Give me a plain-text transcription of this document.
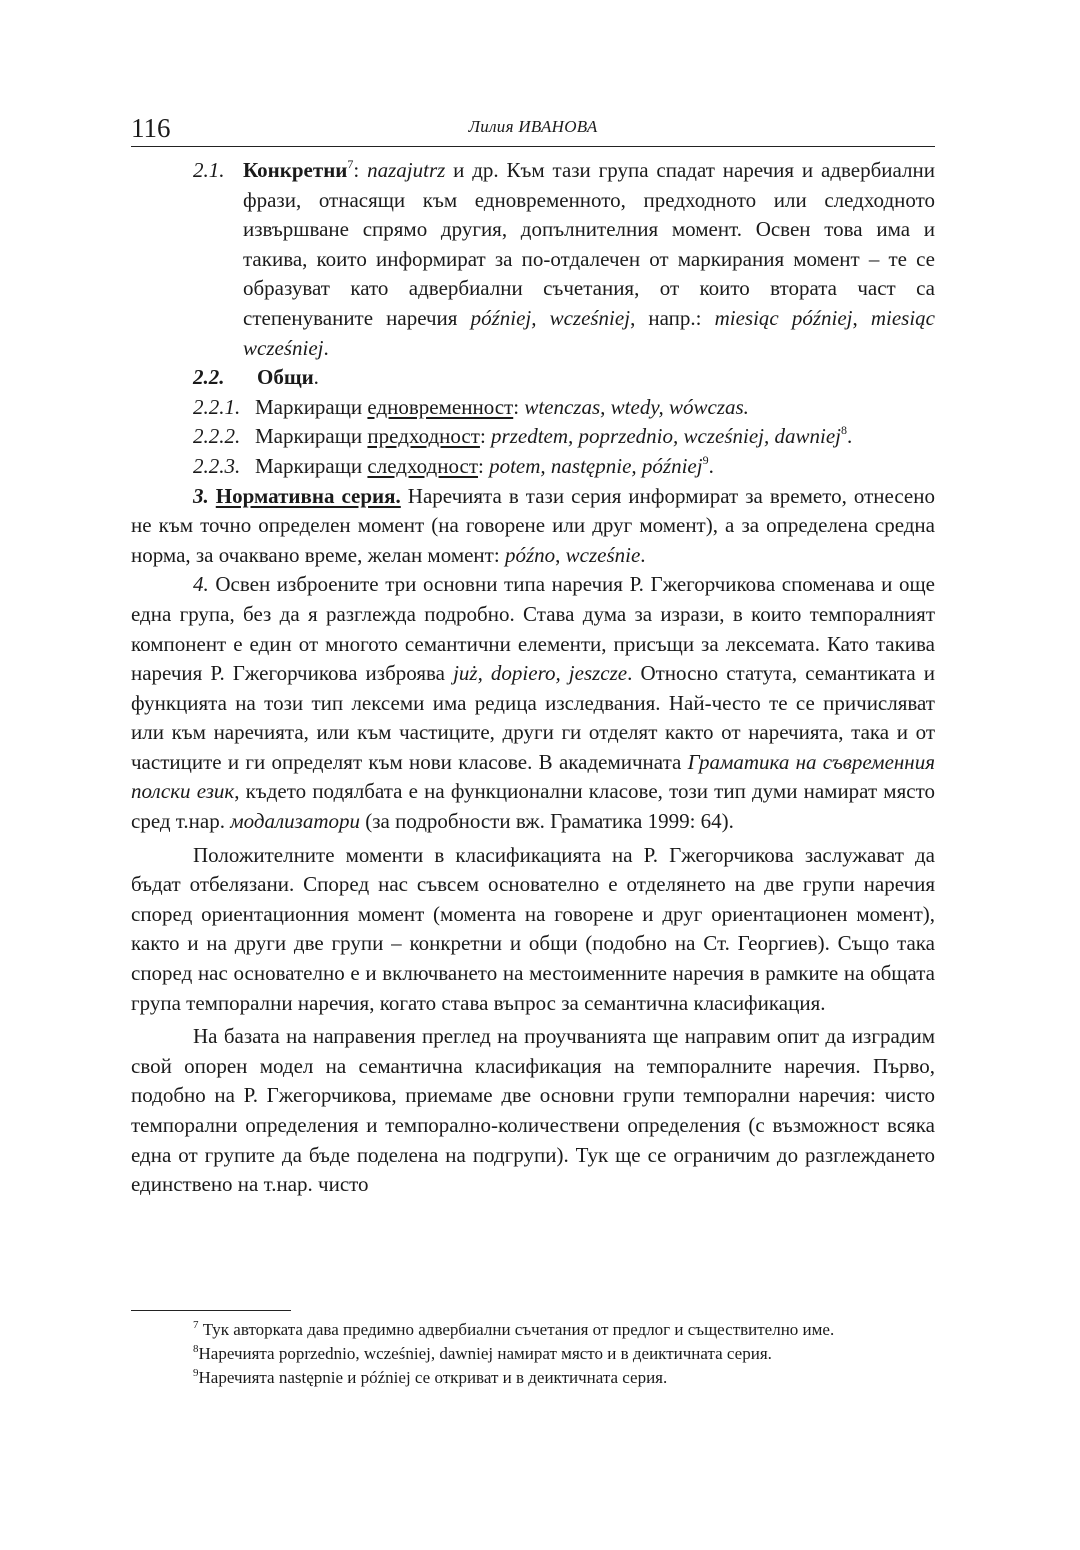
116	Лилия ИВАНОВА
2.1. Конкретни$^7$: nazajutrz и др. Към тази група спадат наречия и адвербиални фрази, отнасящи към едновременното, предходното или следходното извършване спрямо другия, допълнителния момент. Освен това има и такива, които информират за по-отдалечен от маркирания момент – те се образуват като адвербиални съчетания, от които втората част са степенуваните наречия później, wcześniej, напр.: miesiąc później, miesiąc wcześniej.
2.2.	Общи.
2.2.1. Маркиращи едновременност: wtenczas, wtedy, wówczas.
2.2.2. Маркиращи предходност: przedtem, poprzednio, wcześniej, dawniej$^8$.
2.2.3. Маркиращи следходност: potem, następnie, później$^9$.
3. Нормативна серия. Наречията в тази серия информират за времето, отнесено не към точно определен момент (на говорене или друг момент), а за определена средна норма, за очаквано време, желан момент: późno, wcześnie.
4. Освен изброените три основни типа наречия Р. Гжегорчикова споменава и още една група, без да я разглежда подробно. Става дума за изрази, в които темпоралният компонент е един от многото семантични елементи, присъщи за лексемата. Като такива наречия Р. Гжегорчикова изброява już, dopiero, jeszcze. Относно статута, семантиката и функцията на този тип лексеми има редица изследвания. Най-често те се причисляват или към наречията, или към частиците, други ги отделят както от наречията, така и от частиците и ги определят към нови класове. В академичната Граматика на съвременния полски език, където подялбата е на функционални класове, този тип думи намират място сред т.нар. модализатори (за подробности вж. Граматика 1999: 64).
Положителните моменти в класификацията на Р. Гжегорчикова заслужават да бъдат отбелязани. Според нас съвсем основателно е отделянето на две групи наречия според ориентационния момент (момента на говорене и друг ориентационен момент), както и на други две групи – конкретни и общи (подобно на Ст. Георгиев). Също така според нас основателно е и включването на местоименните наречия в рамките на общата група темпорални наречия, когато става въпрос за семантична класификация.
На базата на направения преглед на проучванията ще направим опит да изградим свой опорен модел на семантична класификация на темпоралните наречия. Първо, подобно на Р. Гжегорчикова, приемаме две основни групи темпорални наречия: чисто темпорални определения и темпорално-количествени определения (с възможност всяка една от групите да бъде поделена на подгрупи). Тук ще се ограничим до разглеждането единствено на т.нар. чисто
$^7$ Тук авторката дава предимно адвербиални съчетания от предлог и съществително име.
$^8$Наречията poprzednio, wcześniej, dawniej намират място и в деиктичната серия.
$^9$Наречията następnie и później се откриват и в деиктичната серия.
